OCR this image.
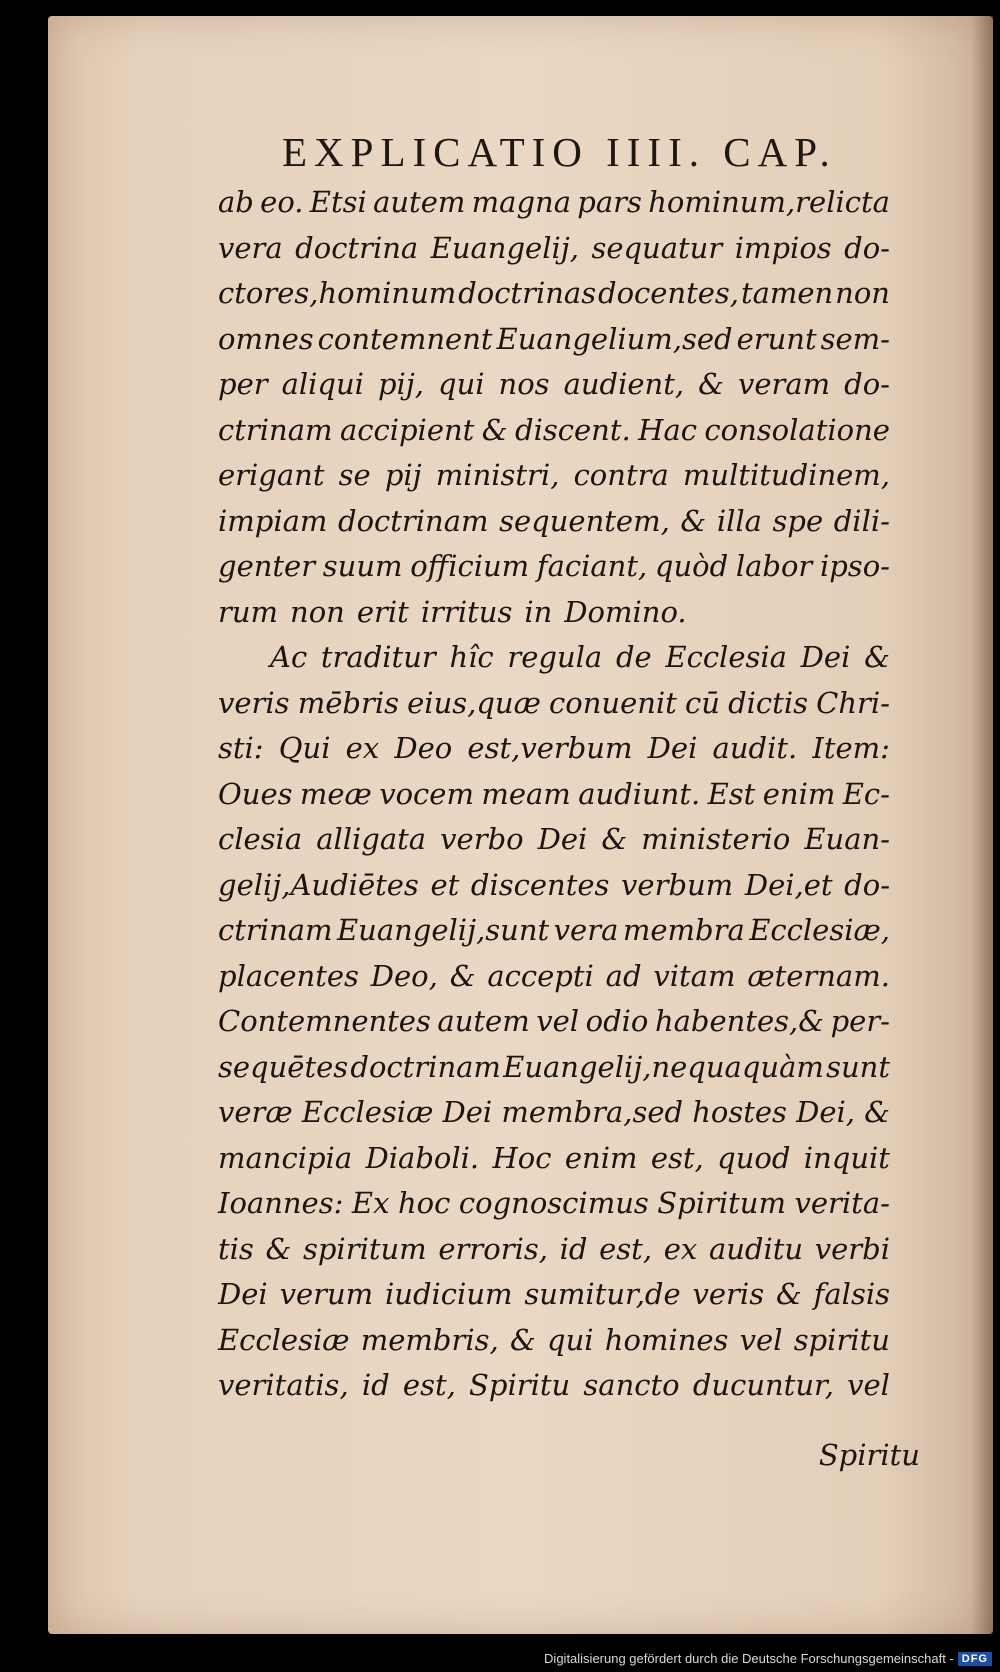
EXPLICATIO IIII. CAP.
ab eo. Etsi autem magna pars hominum,relicta
vera doctrina Euangelij, sequatur impios do-
ctores,hominum doctrinas docentes, tamen non
omnes contemnent Euangelium,sed erunt sem-
per aliqui pij, qui nos audient, & veram do-
ctrinam accipient & discent. Hac consolatione
erigant se pij ministri, contra multitudinem,
impiam doctrinam sequentem, & illa spe dili-
genter suum officium faciant, quòd labor ipso-
rum non erit irritus in Domino.
Ac traditur hîc regula de Ecclesia Dei &
veris mēbris eius,quæ conuenit cū dictis Chri-
sti: Qui ex Deo est,verbum Dei audit. Item:
Oues meæ vocem meam audiunt. Est enim Ec-
clesia alligata verbo Dei & ministerio Euan-
gelij,Audiētes et discentes verbum Dei,et do-
ctrinam Euangelij,sunt vera membra Ecclesiæ,
placentes Deo, & accepti ad vitam æternam.
Contemnentes autem vel odio habentes,& per-
sequētes doctrinam Euangelij,nequaquàm sunt
veræ Ecclesiæ Dei membra,sed hostes Dei, &
mancipia Diaboli. Hoc enim est, quod inquit
Ioannes: Ex hoc cognoscimus Spiritum verita-
tis & spiritum erroris, id est, ex auditu verbi
Dei verum iudicium sumitur,de veris & falsis
Ecclesiæ membris, & qui homines vel spiritu
veritatis, id est, Spiritu sancto ducuntur, vel
Spiritu
Digitalisierung gefördert durch die Deutsche Forschungsgemeinschaft - DFG
